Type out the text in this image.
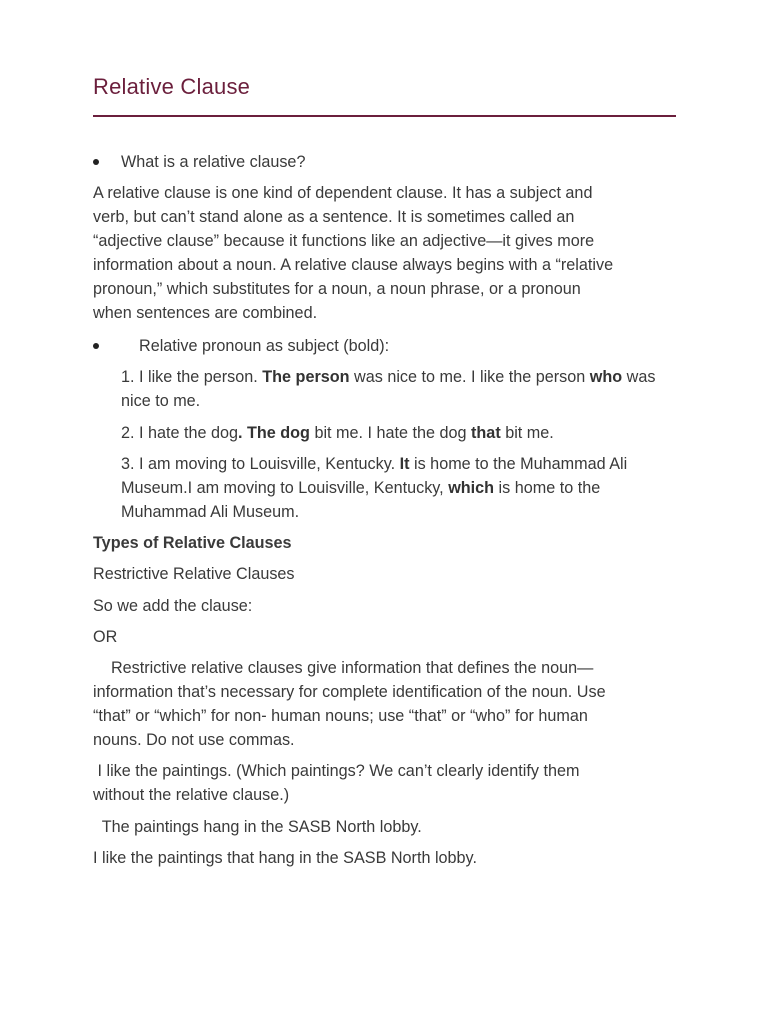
Relative Clause
What is a relative clause?
A relative clause is one kind of dependent clause. It has a subject and
verb, but can’t stand alone as a sentence. It is sometimes called an
“adjective clause” because it functions like an adjective—it gives more
information about a noun. A relative clause always begins with a “relative
pronoun,” which substitutes for a noun, a noun phrase, or a pronoun
when sentences are combined.
Relative pronoun as subject (bold):
1. I like the person. The person was nice to me. I like the person who was nice to me.
2. I hate the dog. The dog bit me. I hate the dog that bit me.
3. I am moving to Louisville, Kentucky. It is home to the Muhammad Ali Museum.I am moving to Louisville, Kentucky, which is home to the Muhammad Ali Museum.
Types of Relative Clauses
Restrictive Relative Clauses
So we add the clause:
OR
Restrictive relative clauses give information that defines the noun—
information that’s necessary for complete identification of the noun. Use
“that” or “which” for non- human nouns; use “that” or “who” for human
nouns. Do not use commas.
I like the paintings. (Which paintings? We can’t clearly identify them
without the relative clause.)
The paintings hang in the SASB North lobby.
I like the paintings that hang in the SASB North lobby.
